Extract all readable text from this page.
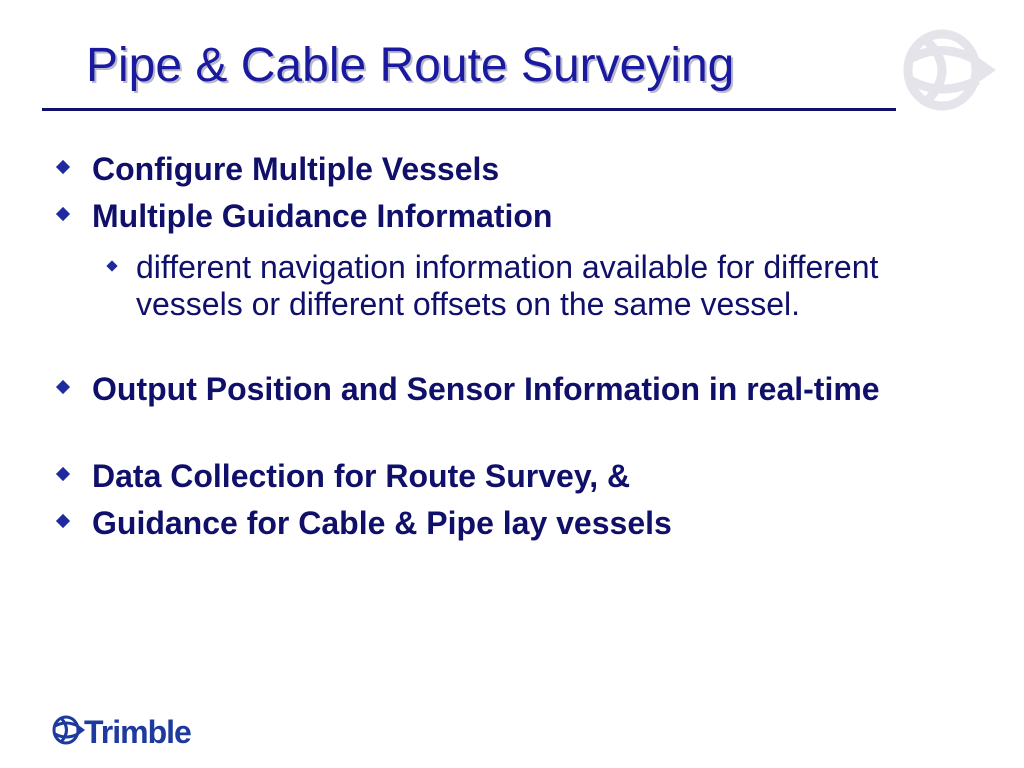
Pipe & Cable Route Surveying
Configure Multiple Vessels
Multiple Guidance Information
different navigation information available for different vessels or different offsets on the same vessel.
Output Position and Sensor Information in real-time
Data Collection for Route Survey, &
Guidance for Cable & Pipe lay vessels
Trimble
